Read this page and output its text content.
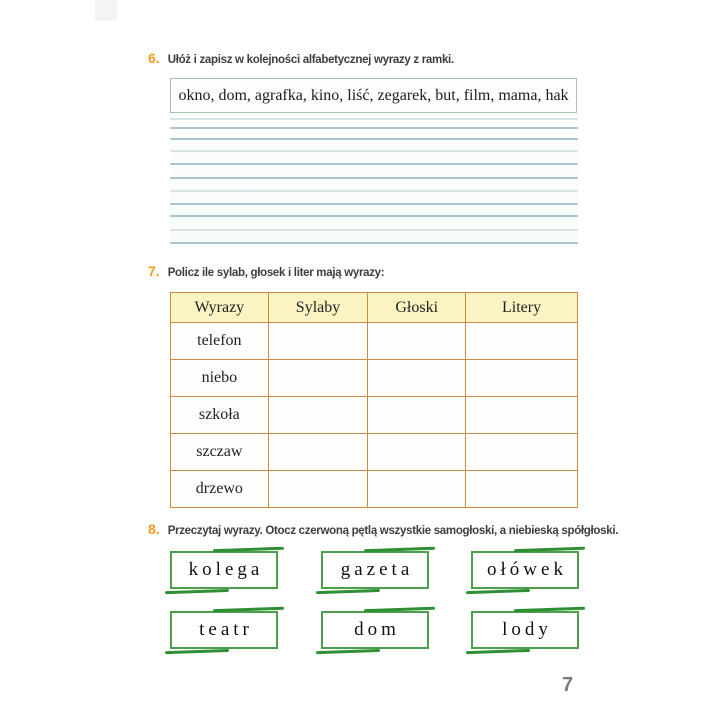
6. Ułóż i zapisz w kolejności alfabetycznej wyrazy z ramki.
okno, dom, agrafka, kino, liść, zegarek, but, film, mama, hak
7. Policz ile sylab, głosek i liter mają wyrazy:
Wyrazy	Sylaby	Głoski	Litery
telefon			
niebo			
szkoła			
szczaw			
drzewo			
8. Przeczytaj wyrazy. Otocz czerwoną pętlą wszystkie samogłoski, a niebieską spółgłoski.
kolega	gazeta	ołówek
teatr	dom	lody
7
